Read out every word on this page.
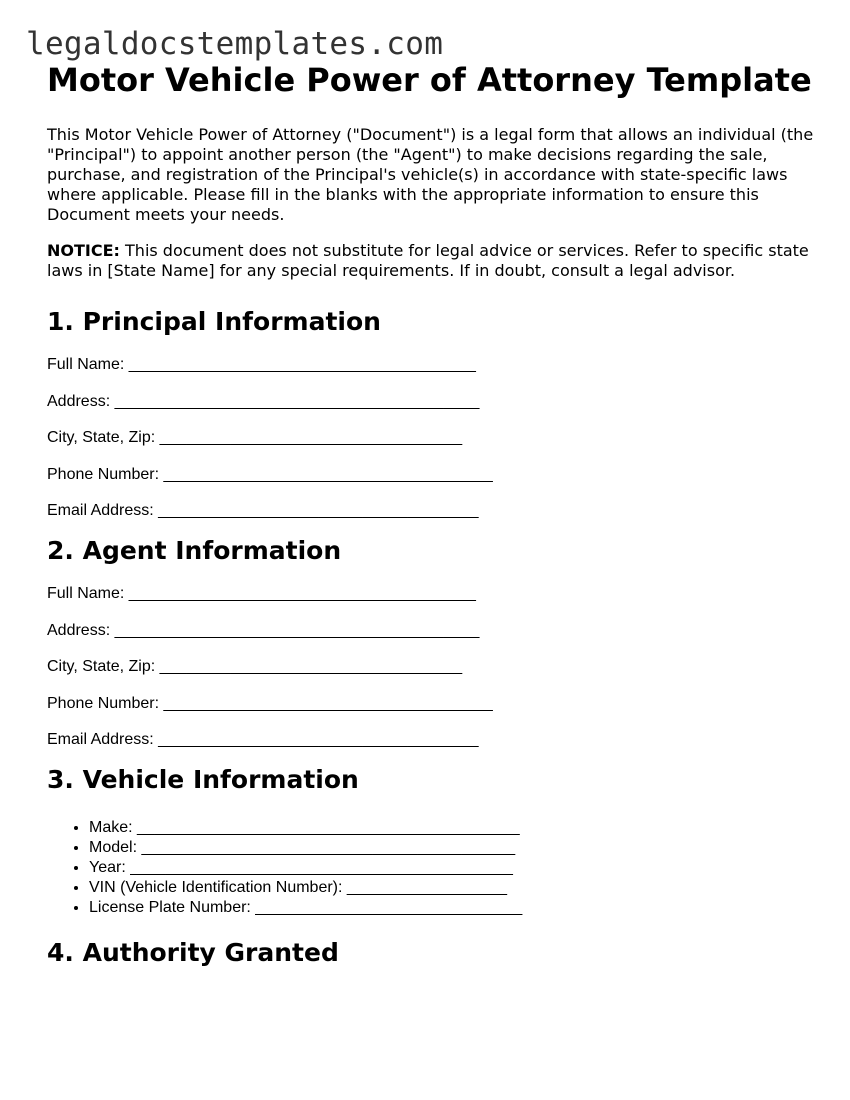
legaldocstemplates.com
Motor Vehicle Power of Attorney Template

This Motor Vehicle Power of Attorney ("Document") is a legal form that allows an individual (the "Principal") to appoint another person (the "Agent") to make decisions regarding the sale, purchase, and registration of the Principal's vehicle(s) in accordance with state-specific laws where applicable. Please fill in the blanks with the appropriate information to ensure this Document meets your needs.

NOTICE: This document does not substitute for legal advice or services. Refer to specific state laws in [State Name] for any special requirements. If in doubt, consult a legal advisor.

1. Principal Information

Full Name: _______________________________________

Address: _________________________________________

City, State, Zip: __________________________________

Phone Number: _____________________________________

Email Address: ____________________________________

2. Agent Information

Full Name: _______________________________________

Address: _________________________________________

City, State, Zip: __________________________________

Phone Number: _____________________________________

Email Address: ____________________________________

3. Vehicle Information
• Make: ___________________________________________
• Model: __________________________________________
• Year: ___________________________________________
• VIN (Vehicle Identification Number): __________________
• License Plate Number: ______________________________
4. Authority Granted
